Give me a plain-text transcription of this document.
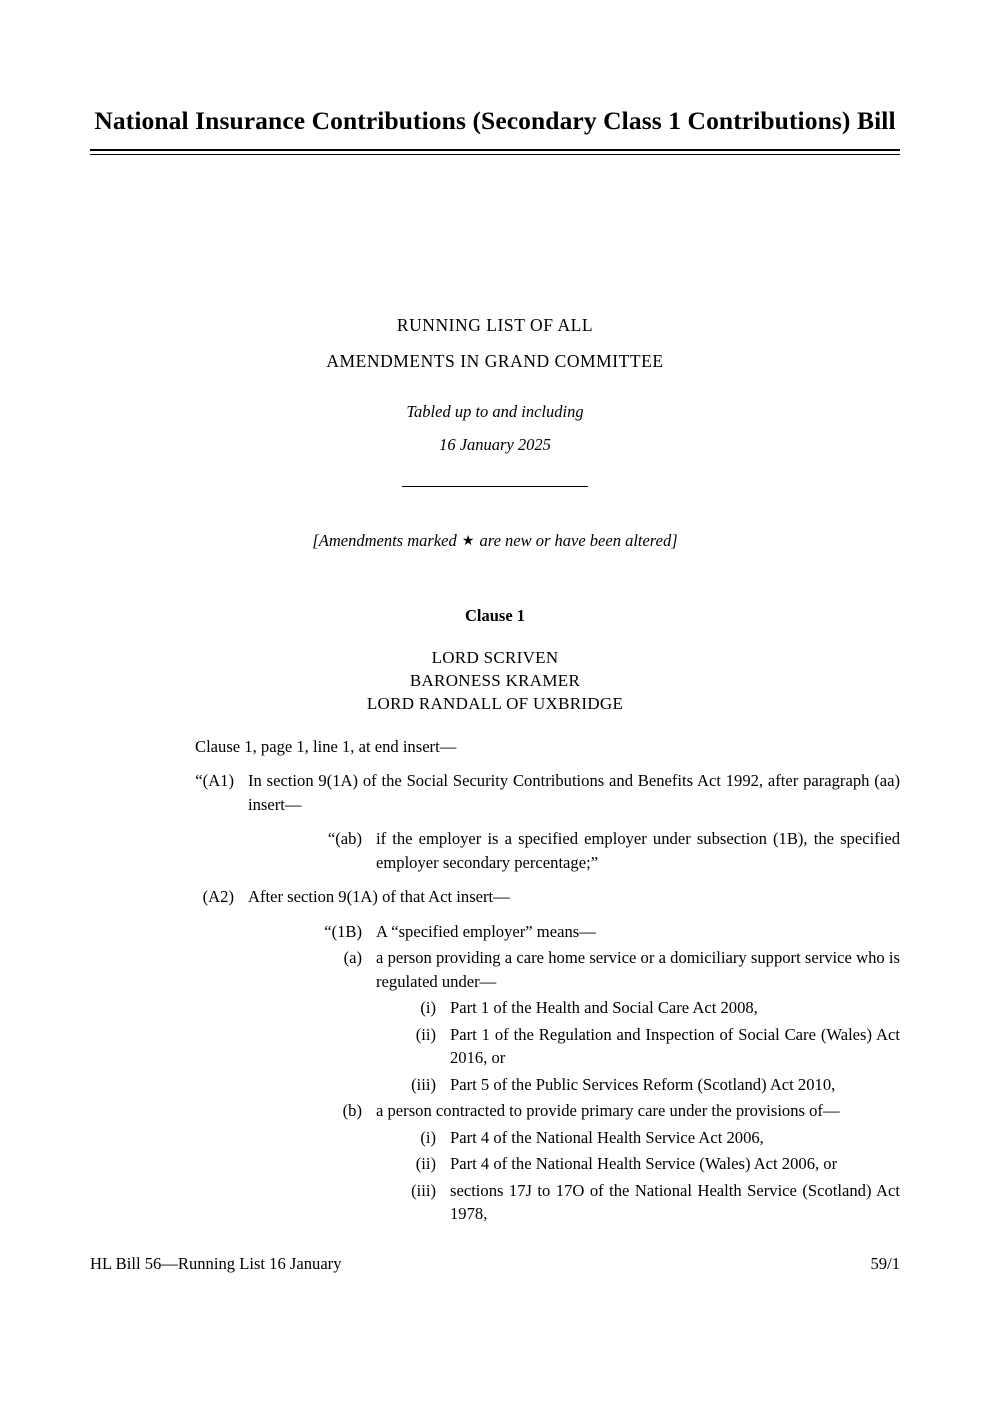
National Insurance Contributions (Secondary Class 1 Contributions) Bill
RUNNING LIST OF ALL
AMENDMENTS IN GRAND COMMITTEE
Tabled up to and including
16 January 2025
[Amendments marked ★ are new or have been altered]
Clause 1
LORD SCRIVEN
BARONESS KRAMER
LORD RANDALL OF UXBRIDGE
Clause 1, page 1, line 1, at end insert—
“(A1) In section 9(1A) of the Social Security Contributions and Benefits Act 1992, after paragraph (aa) insert—
“(ab) if the employer is a specified employer under subsection (1B), the specified employer secondary percentage;”
(A2) After section 9(1A) of that Act insert—
“(1B) A “specified employer” means—
(a) a person providing a care home service or a domiciliary support service who is regulated under—
(i) Part 1 of the Health and Social Care Act 2008,
(ii) Part 1 of the Regulation and Inspection of Social Care (Wales) Act 2016, or
(iii) Part 5 of the Public Services Reform (Scotland) Act 2010,
(b) a person contracted to provide primary care under the provisions of—
(i) Part 4 of the National Health Service Act 2006,
(ii) Part 4 of the National Health Service (Wales) Act 2006, or
(iii) sections 17J to 17O of the National Health Service (Scotland) Act 1978,
HL Bill 56—Running List 16 January	59/1
